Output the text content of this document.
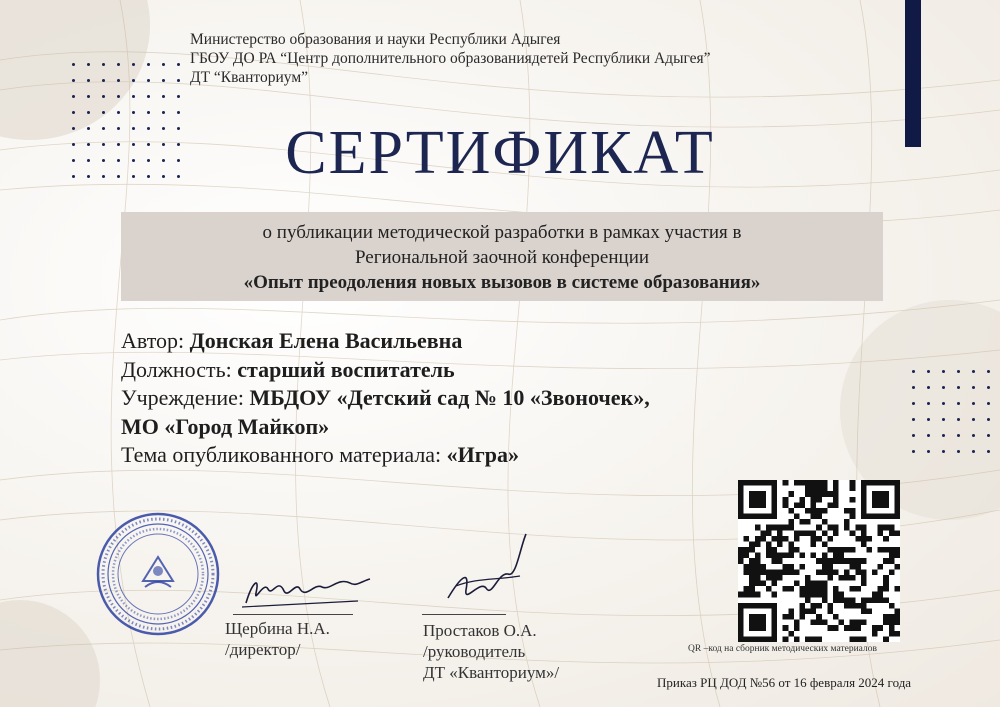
Министерство образования и науки Республики Адыгея
ГБОУ ДО РА “Центр дополнительного образованиядетей Республики Адыгея”
ДТ “Кванториум”
СЕРТИФИКАТ
о публикации методической разработки в рамках участия в
Региональной заочной конференции
«Опыт преодоления новых вызовов в системе образования»
Автор: Донская Елена Васильевна
Должность: старший воспитатель
Учреждение: МБДОУ «Детский сад № 10 «Звоночек»,
МО «Город Майкоп»
Тема опубликованного материала: «Игра»
Щербина Н.А.
/директор/
Простаков О.А.
/руководитель
ДТ «Кванториум»/
QR –код на сборник методических материалов
Приказ РЦ ДОД №56 от 16 февраля 2024 года
